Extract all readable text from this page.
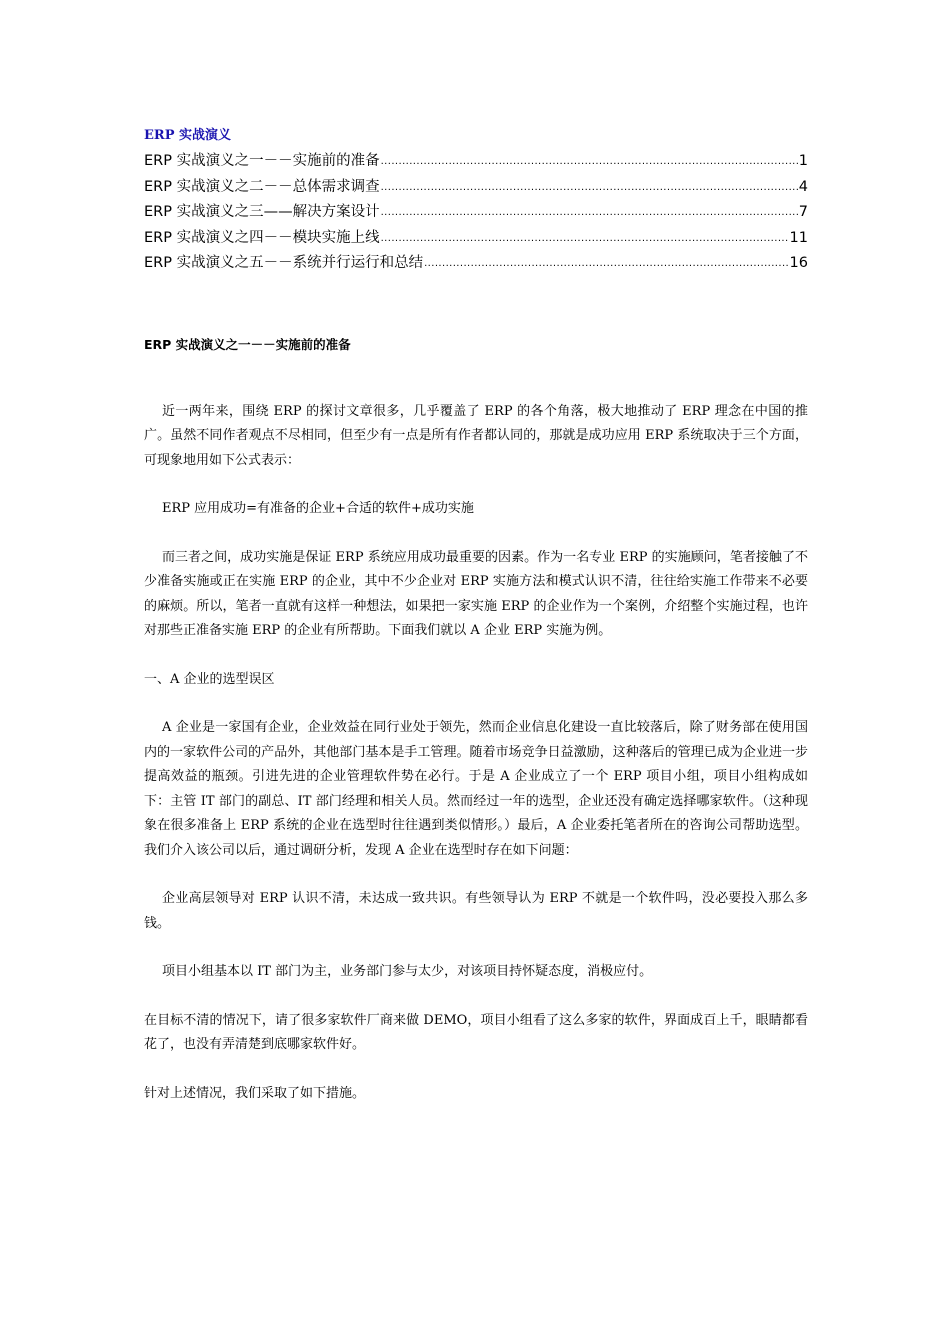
ERP 实战演义
ERP 实战演义之一－－实施前的准备 .....	1
ERP 实战演义之二－－总体需求调查 .....	4
ERP 实战演义之三——解决方案设计 .....	7
ERP 实战演义之四－－模块实施上线 .....	11
ERP 实战演义之五－－系统并行运行和总结 .....	16
ERP 实战演义之一－－实施前的准备

近一两年来，围绕 ERP 的探讨文章很多，几乎覆盖了 ERP 的各个角落，极大地推动了 ERP 理念在中国的推广。虽然不同作者观点不尽相同，但至少有一点是所有作者都认同的，那就是成功应用 ERP 系统取决于三个方面，可现象地用如下公式表示：

ERP 应用成功=有准备的企业+合适的软件+成功实施

而三者之间，成功实施是保证 ERP 系统应用成功最重要的因素。作为一名专业 ERP 的实施顾问，笔者接触了不少准备实施或正在实施 ERP 的企业，其中不少企业对 ERP 实施方法和模式认识不清，往往给实施工作带来不必要的麻烦。所以，笔者一直就有这样一种想法，如果把一家实施 ERP 的企业作为一个案例，介绍整个实施过程，也许对那些正准备实施 ERP 的企业有所帮助。下面我们就以 A 企业 ERP 实施为例。

一、A 企业的选型误区

A 企业是一家国有企业，企业效益在同行业处于领先，然而企业信息化建设一直比较落后，除了财务部在使用国内的一家软件公司的产品外，其他部门基本是手工管理。随着市场竞争日益激励，这种落后的管理已成为企业进一步提高效益的瓶颈。引进先进的企业管理软件势在必行。于是 A 企业成立了一个 ERP 项目小组，项目小组构成如下：主管 IT 部门的副总、IT 部门经理和相关人员。然而经过一年的选型，企业还没有确定选择哪家软件。（这种现象在很多准备上 ERP 系统的企业在选型时往往遇到类似情形。）最后，A 企业委托笔者所在的咨询公司帮助选型。我们介入该公司以后，通过调研分析，发现 A 企业在选型时存在如下问题：

企业高层领导对 ERP 认识不清，未达成一致共识。有些领导认为 ERP 不就是一个软件吗，没必要投入那么多钱。

项目小组基本以 IT 部门为主，业务部门参与太少，对该项目持怀疑态度，消极应付。

在目标不清的情况下，请了很多家软件厂商来做 DEMO，项目小组看了这么多家的软件，界面成百上千，眼睛都看花了，也没有弄清楚到底哪家软件好。

针对上述情况，我们采取了如下措施。
